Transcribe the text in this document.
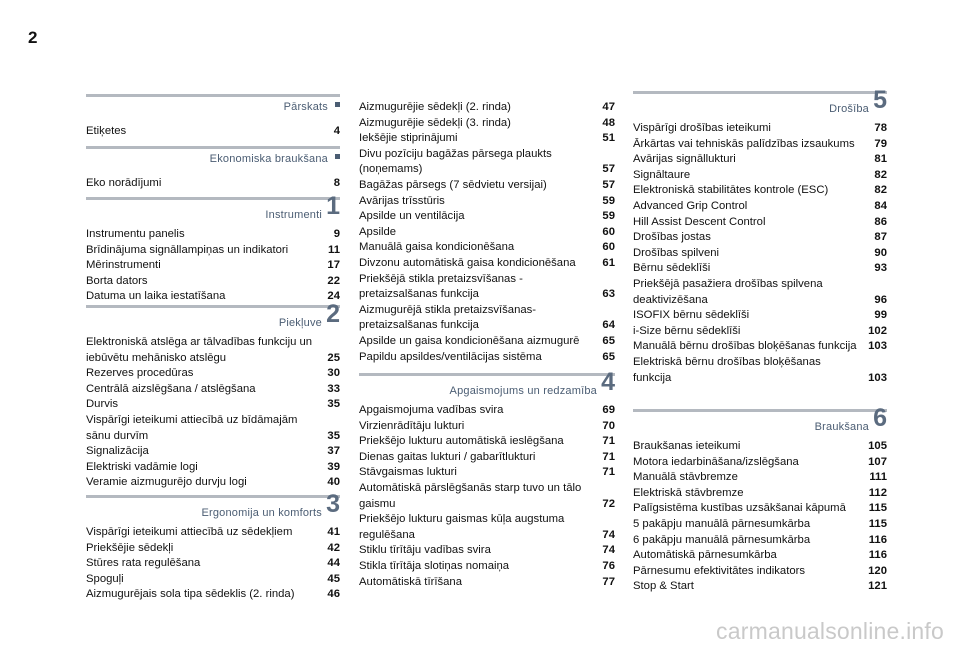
2
Pārskats
Etiķetes	4
Ekonomiska braukšana
Eko norādījumi	8
Instrumenti 1
Instrumentu panelis	9
Brīdinājuma signāllampiņas un indikatori	11
Mērinstrumenti	17
Borta dators	22
Datuma un laika iestatīšana	24
Piekļuve 2
Elektroniskā atslēga ar tālvadības funkciju un iebūvētu mehānisko atslēgu	25
Rezerves procedūras	30
Centrālā aizslēgšana / atslēgšana	33
Durvis	35
Vispārīgi ieteikumi attiecībā uz bīdāmajām sānu durvīm	35
Signalizācija	37
Elektriski vadāmie logi	39
Veramie aizmugurējo durvju logi	40
Ergonomija un komforts 3
Vispārīgi ieteikumi attiecībā uz sēdekļiem	41
Priekšējie sēdekļi	42
Stūres rata regulēšana	44
Spoguļi	45
Aizmugurējais sola tipa sēdeklis (2. rinda)	46
Aizmugurējie sēdekļi (2. rinda)	47
Aizmugurējie sēdekļi (3. rinda)	48
Iekšējie stiprinājumi	51
Divu pozīciju bagāžas pārsega plaukts (noņemams)	57
Bagāžas pārsegs (7 sēdvietu versijai)	57
Avārijas trīsstūris	59
Apsilde un ventilācija	59
Apsilde	60
Manuālā gaisa kondicionēšana	60
Divzonu automātiskā gaisa kondicionēšana	61
Priekšējā stikla pretaizsvīšanas - pretaizsalšanas funkcija	63
Aizmugurējā stikla pretaizsvīšanas-pretaizsalšanas funkcija	64
Apsilde un gaisa kondicionēšana aizmugurē	65
Papildu apsildes/ventilācijas sistēma	65
Apgaismojums un redzamība 4
Apgaismojuma vadības svira	69
Virzienrādītāju lukturi	70
Priekšējo lukturu automātiskā ieslēgšana	71
Dienas gaitas lukturi / gabarītlukturi	71
Stāvgaismas lukturi	71
Automātiskā pārslēgšanās starp tuvo un tālo gaismu	72
Priekšējo lukturu gaismas kūļa augstuma regulēšana	74
Stiklu tīrītāju vadības svira	74
Stikla tīrītāja slotiņas nomaiņa	76
Automātiskā tīrīšana	77
Drošība 5
Vispārīgi drošības ieteikumi	78
Ārkārtas vai tehniskās palīdzības izsaukums	79
Avārijas signāllukturi	81
Signāltaure	82
Elektroniskā stabilitātes kontrole (ESC)	82
Advanced Grip Control	84
Hill Assist Descent Control	86
Drošības jostas	87
Drošības spilveni	90
Bērnu sēdeklīši	93
Priekšējā pasažiera drošības spilvena deaktivizēšana	96
ISOFIX bērnu sēdeklīši	99
i-Size bērnu sēdeklīši	102
Manuālā bērnu drošības bloķēšanas funkcija	103
Elektriskā bērnu drošības bloķēšanas funkcija	103
Braukšana 6
Braukšanas ieteikumi	105
Motora iedarbināšana/izslēgšana	107
Manuālā stāvbremze	111
Elektriskā stāvbremze	112
Palīgsistēma kustības uzsākšanai kāpumā	115
5 pakāpju manuālā pārnesumkārba	115
6 pakāpju manuālā pārnesumkārba	116
Automātiskā pārnesumkārba	116
Pārnesumu efektivitātes indikators	120
Stop & Start	121
carmanualsonline.info
